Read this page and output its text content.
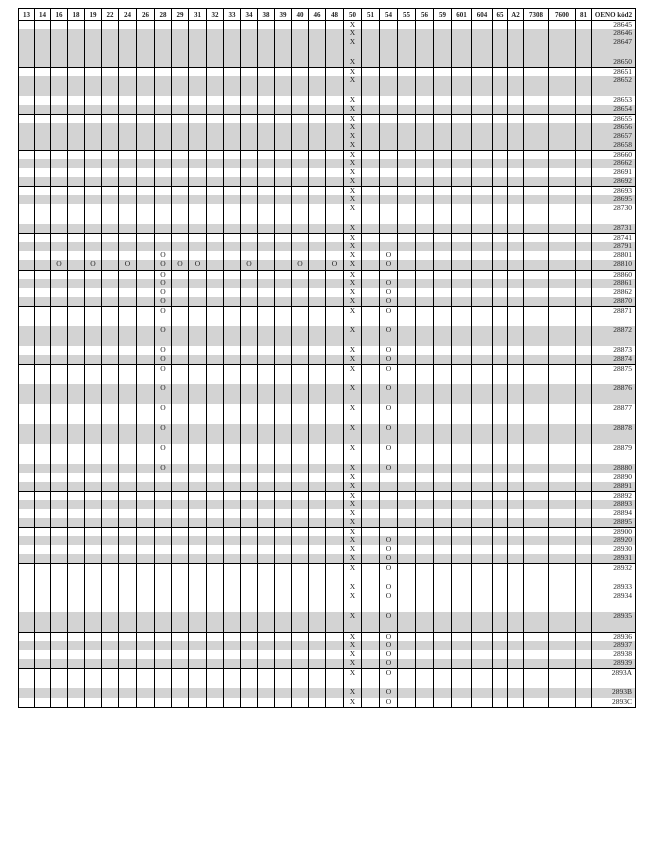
13	14	16	18	19	22	24	26	28	29	31	32	33	34	38	39	40	46	48	50	51	54	55	56	59	601	604	65	A2	7308	7600	81	OENO kód2
																			X													28645
																			X													28646
																			X													28647
																			X													28650
																			X													28651
																			X													28652
																			X													28653
																			X													28654
																			X													28655
																			X													28656
																			X													28657
																			X													28658
																			X													28660
																			X													28662
																			X													28691
																			X													28692
																			X													28693
																			X													28695
																			X													28730
																			X													28731
																			X													28741
																			X													28791
								O											X		O											28801
		O		O		O		O	O	O			O			O		O	X		O											28810
								O											X													28860
								O											X		O											28861
								O											X		O											28862
								O											X		O											28870
								O											X		O											28871
								O											X		O											28872
								O											X		O											28873
								O											X		O											28874
								O											X		O											28875
								O											X		O											28876
								O											X		O											28877
								O											X		O											28878
								O											X		O											28879
								O											X		O											28880
																			X													28890
																			X													28891
																			X													28892
																			X													28893
																			X													28894
																			X													28895
																			X													28900
																			X		O											28920
																			X		O											28930
																			X		O											28931
																			X		O											28932
																			X		O											28933
																			X		O											28934
																			X		O											28935
																			X		O											28936
																			X		O											28937
																			X		O											28938
																			X		O											28939
																			X		O											2893A
																			X		O											2893B
																			X		O											2893C
